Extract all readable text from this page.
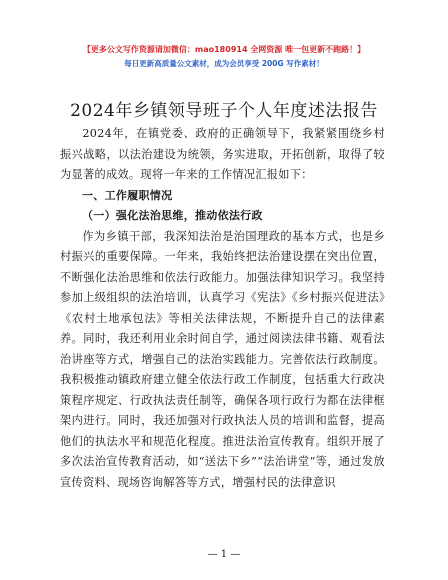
【更多公文写作资源请加微信：mao180914 全网资源 唯一包更新不跑路！】
每日更新高质量公文素材，成为会员享受 200G 写作素材！
2024年乡镇领导班子个人年度述法报告

2024年，在镇党委、政府的正确领导下，我紧紧围绕乡村振兴战略，以法治建设为统领，务实进取，开拓创新，取得了较为显著的成效。现将一年来的工作情况汇报如下：

一、工作履职情况

（一）强化法治思维，推动依法行政

作为乡镇干部，我深知法治是治国理政的基本方式，也是乡村振兴的重要保障。一年来，我始终把法治建设摆在突出位置，不断强化法治思维和依法行政能力。加强法律知识学习。我坚持参加上级组织的法治培训，认真学习《宪法》《乡村振兴促进法》《农村土地承包法》等相关法律法规，不断提升自己的法律素养。同时，我还利用业余时间自学，通过阅读法律书籍、观看法治讲座等方式，增强自己的法治实践能力。完善依法行政制度。我积极推动镇政府建立健全依法行政工作制度，包括重大行政决策程序规定、行政执法责任制等，确保各项行政行为都在法律框架内进行。同时，我还加强对行政执法人员的培训和监督，提高他们的执法水平和规范化程度。推进法治宣传教育。组织开展了多次法治宣传教育活动，如“送法下乡”“法治讲堂”等，通过发放宣传资料、现场咨询解答等方式，增强村民的法律意识

— 1 —
